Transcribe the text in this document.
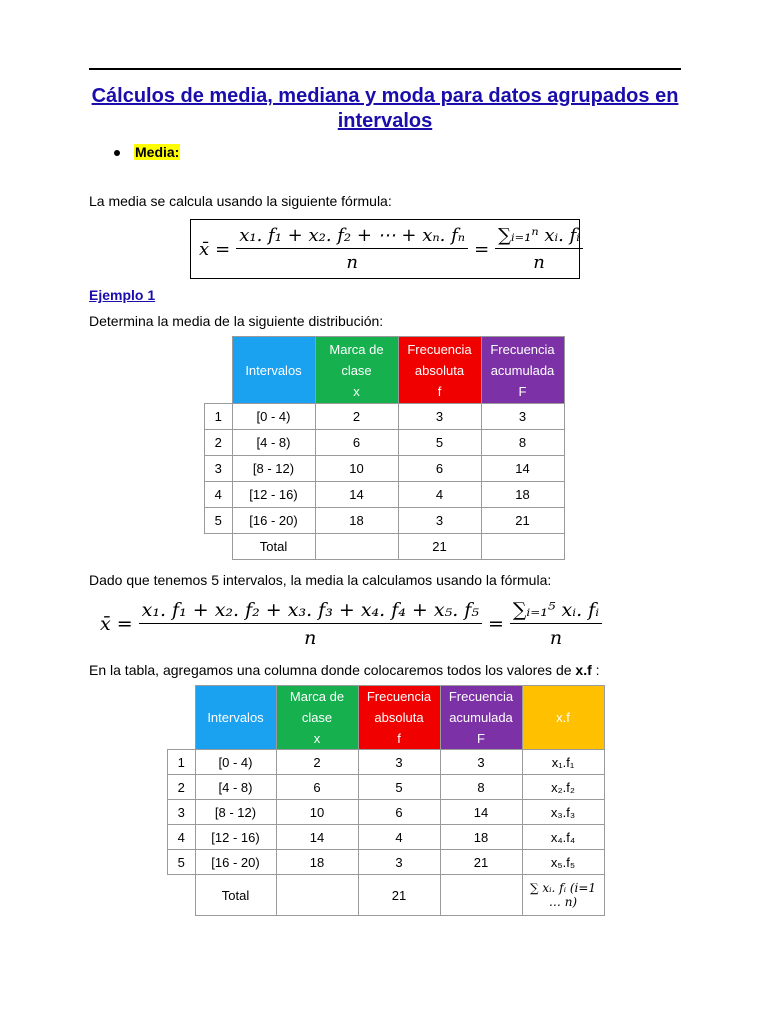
Cálculos de media, mediana y moda para datos agrupados en intervalos
Media:
La media se calcula usando la siguiente fórmula:
x̄ = $\frac{\text{x₁. f₁ + x₂. f₂ + ⋯ + xₙ. fₙ}}{n} = \frac{\text{∑ᵢ₌₁ⁿ xᵢ. fᵢ}}{n}$
Ejemplo 1
Determina la media de la siguiente distribución:
	Intervalos	Marca de
clase
x	Frecuencia
absoluta
f	Frecuencia
acumulada
F
1	[0 - 4)	2	3	3
2	[4 - 8)	6	5	8
3	[8 - 12)	10	6	14
4	[12 - 16)	14	4	18
5	[16 - 20)	18	3	21
	Total		21	
Dado que tenemos 5 intervalos, la media la calculamos usando la fórmula:
x̄ = $\frac{\text{x₁. f₁ + x₂. f₂ + x₃. f₃ + x₄. f₄ + x₅. f₅}}{n} = \frac{\text{∑ᵢ₌₁⁵ xᵢ. fᵢ}}{n}$
En la tabla, agregamos una columna donde colocaremos todos los valores de x.f :
	Intervalos	Marca de
clase
x	Frecuencia
absoluta
f	Frecuencia
acumulada
F	x.f
1	[0 - 4)	2	3	3	x₁.f₁
2	[4 - 8)	6	5	8	x₂.f₂
3	[8 - 12)	10	6	14	x₃.f₃
4	[12 - 16)	14	4	18	x₄.f₄
5	[16 - 20)	18	3	21	x₅.f₅
	Total		21		∑ xᵢ. fᵢ (i=1 … n)
